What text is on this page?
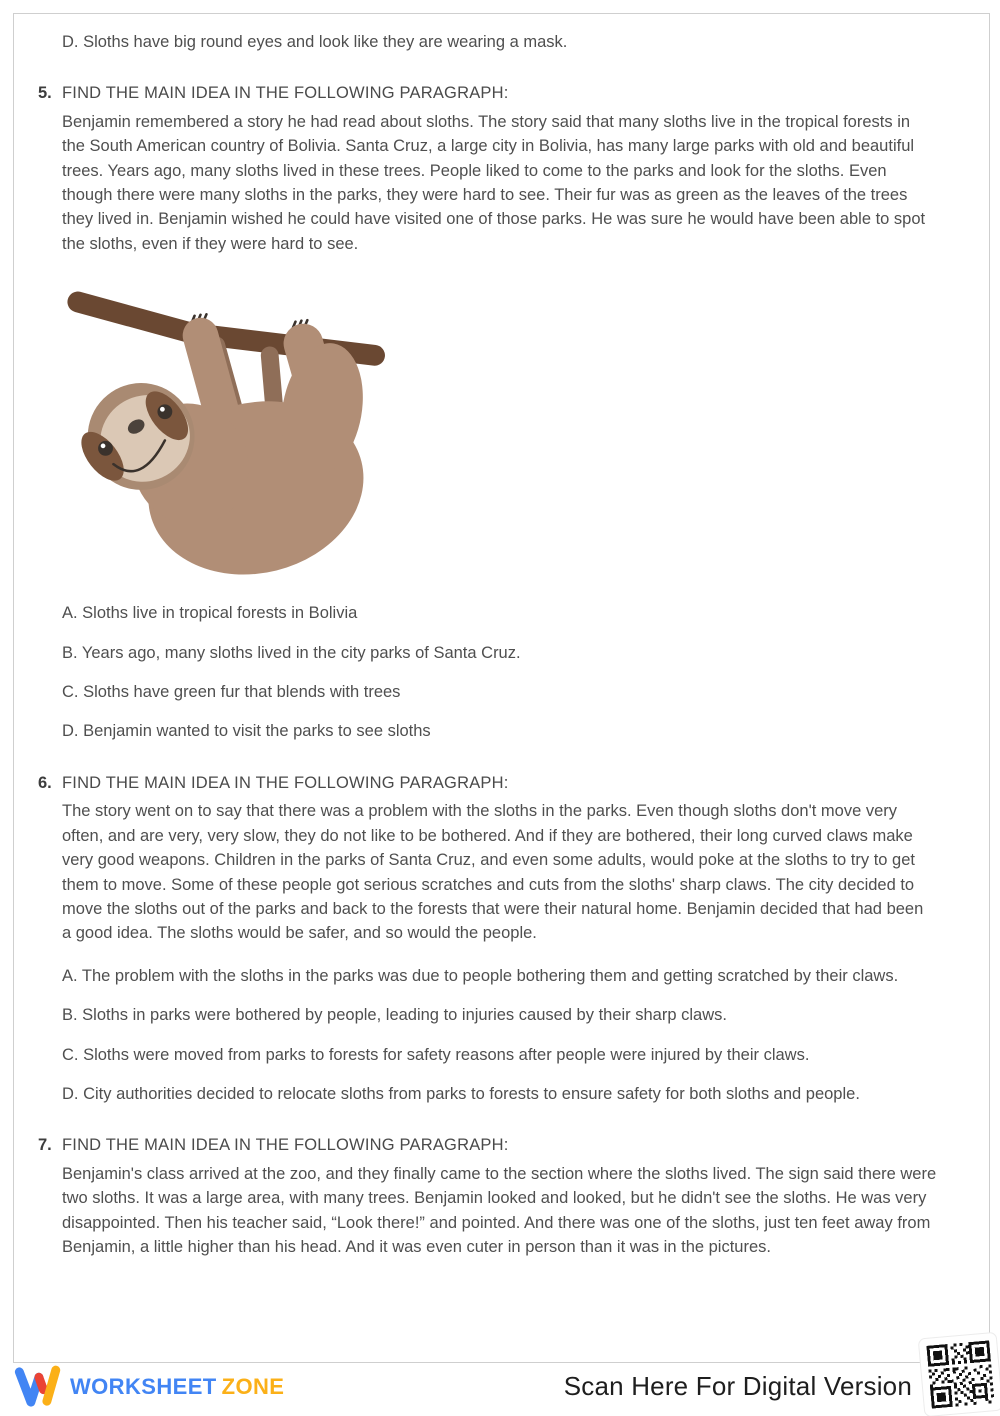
D. Sloths have big round eyes and look like they are wearing a mask.

5. FIND THE MAIN IDEA IN THE FOLLOWING PARAGRAPH:

Benjamin remembered a story he had read about sloths. The story said that many sloths live in the tropical forests in the South American country of Bolivia. Santa Cruz, a large city in Bolivia, has many large parks with old and beautiful trees. Years ago, many sloths lived in these trees. People liked to come to the parks and look for the sloths. Even though there were many sloths in the parks, they were hard to see. Their fur was as green as the leaves of the trees they lived in. Benjamin wished he could have visited one of those parks. He was sure he would have been able to spot the sloths, even if they were hard to see.

A. Sloths live in tropical forests in Bolivia
B. Years ago, many sloths lived in the city parks of Santa Cruz.
C. Sloths have green fur that blends with trees
D. Benjamin wanted to visit the parks to see sloths
6. FIND THE MAIN IDEA IN THE FOLLOWING PARAGRAPH:

The story went on to say that there was a problem with the sloths in the parks. Even though sloths don't move very often, and are very, very slow, they do not like to be bothered. And if they are bothered, their long curved claws make very good weapons. Children in the parks of Santa Cruz, and even some adults, would poke at the sloths to try to get them to move. Some of these people got serious scratches and cuts from the sloths' sharp claws. The city decided to move the sloths out of the parks and back to the forests that were their natural home. Benjamin decided that had been a good idea. The sloths would be safer, and so would the people.

A. The problem with the sloths in the parks was due to people bothering them and getting scratched by their claws.
B. Sloths in parks were bothered by people, leading to injuries caused by their sharp claws.
C. Sloths were moved from parks to forests for safety reasons after people were injured by their claws.
D. City authorities decided to relocate sloths from parks to forests to ensure safety for both sloths and people.
7. FIND THE MAIN IDEA IN THE FOLLOWING PARAGRAPH:

Benjamin's class arrived at the zoo, and they finally came to the section where the sloths lived. The sign said there were two sloths. It was a large area, with many trees. Benjamin looked and looked, but he didn't see the sloths. He was very disappointed. Then his teacher said, “Look there!” and pointed. And there was one of the sloths, just ten feet away from Benjamin, a little higher than his head. And it was even cuter in person than it was in the pictures.

WORKSHEET ZONE	Scan Here For Digital Version
